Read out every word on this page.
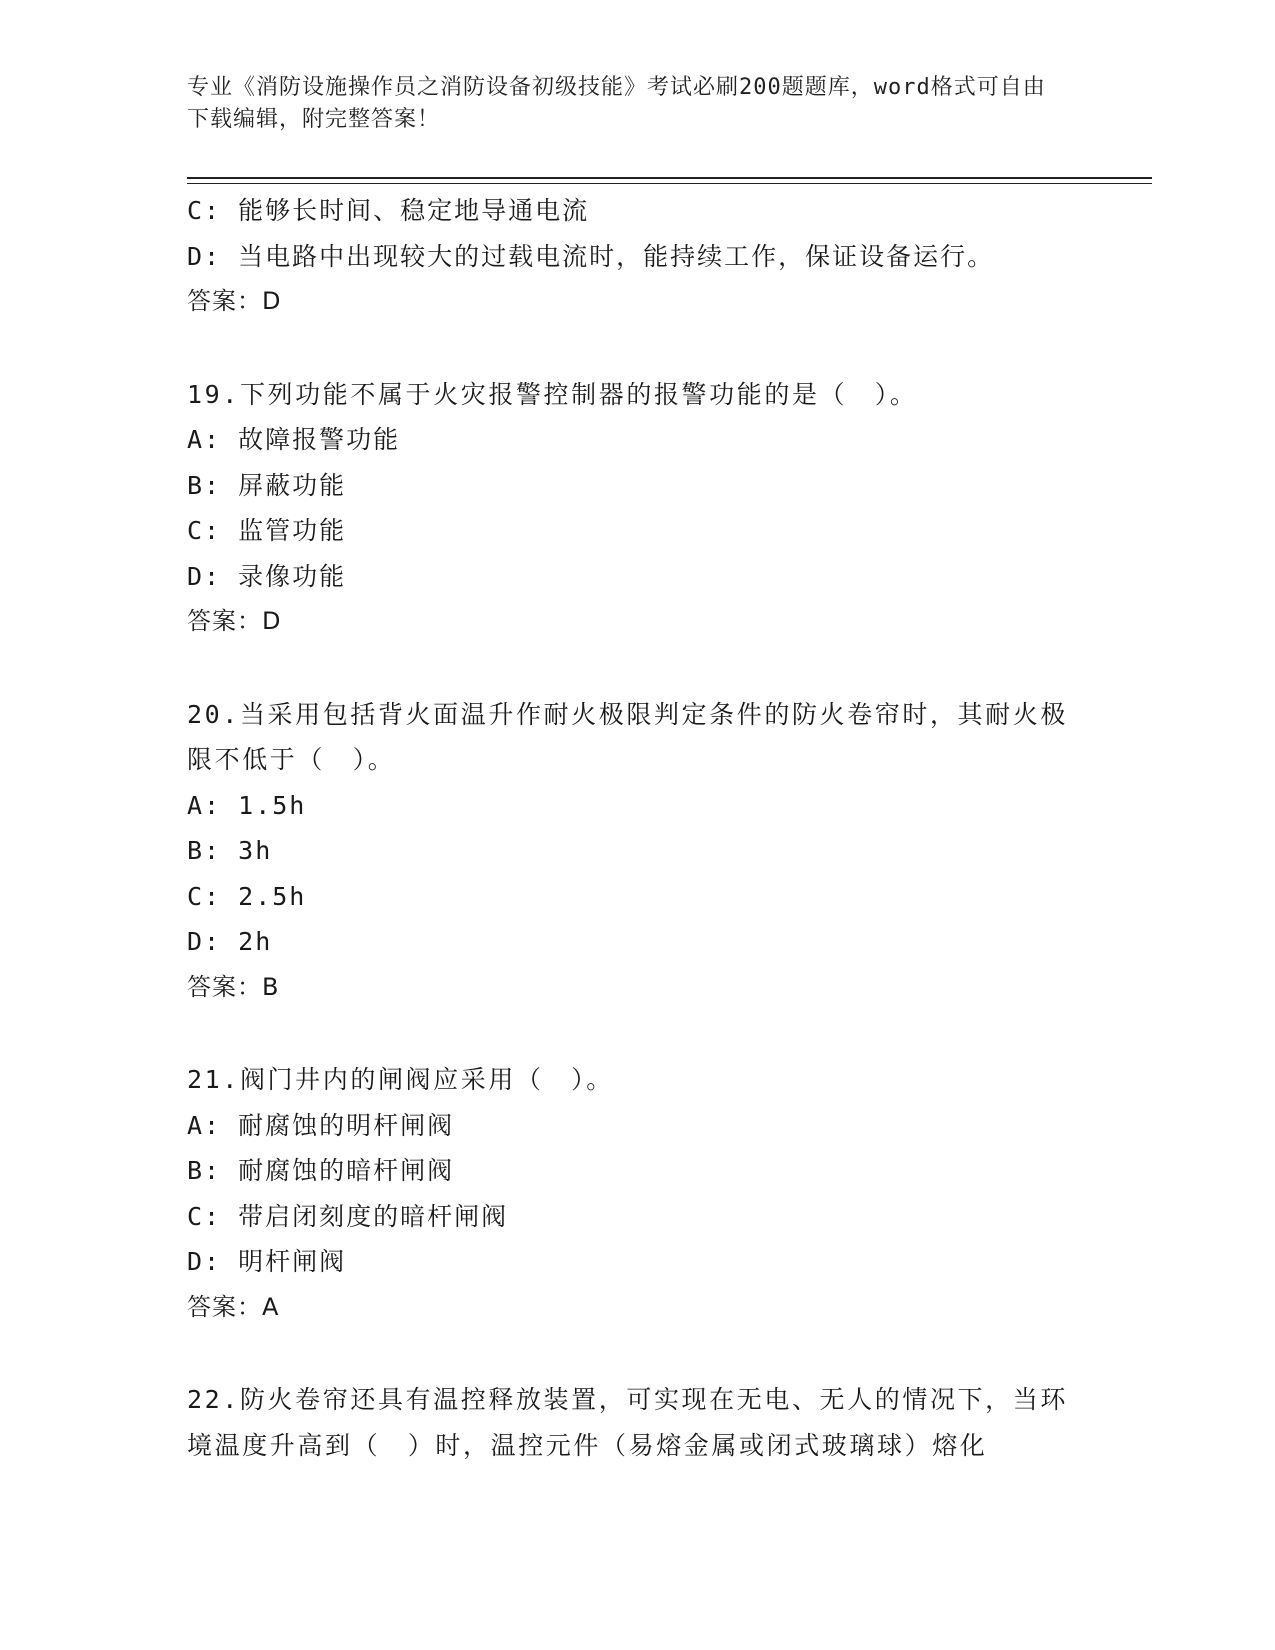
专业《消防设施操作员之消防设备初级技能》考试必刷200题题库，word格式可自由下载编辑，附完整答案！
C: 能够长时间、稳定地导通电流
D: 当电路中出现较大的过载电流时，能持续工作，保证设备运行。
答案：D
19.下列功能不属于火灾报警控制器的报警功能的是（　）。
A: 故障报警功能
B: 屏蔽功能
C: 监管功能
D: 录像功能
答案：D
20.当采用包括背火面温升作耐火极限判定条件的防火卷帘时，其耐火极限不低于（　）。
A: 1.5h
B: 3h
C: 2.5h
D: 2h
答案：B
21.阀门井内的闸阀应采用（　）。
A: 耐腐蚀的明杆闸阀
B: 耐腐蚀的暗杆闸阀
C: 带启闭刻度的暗杆闸阀
D: 明杆闸阀
答案：A
22.防火卷帘还具有温控释放装置，可实现在无电、无人的情况下，当环境温度升高到（　）时，温控元件（易熔金属或闭式玻璃球）熔化
